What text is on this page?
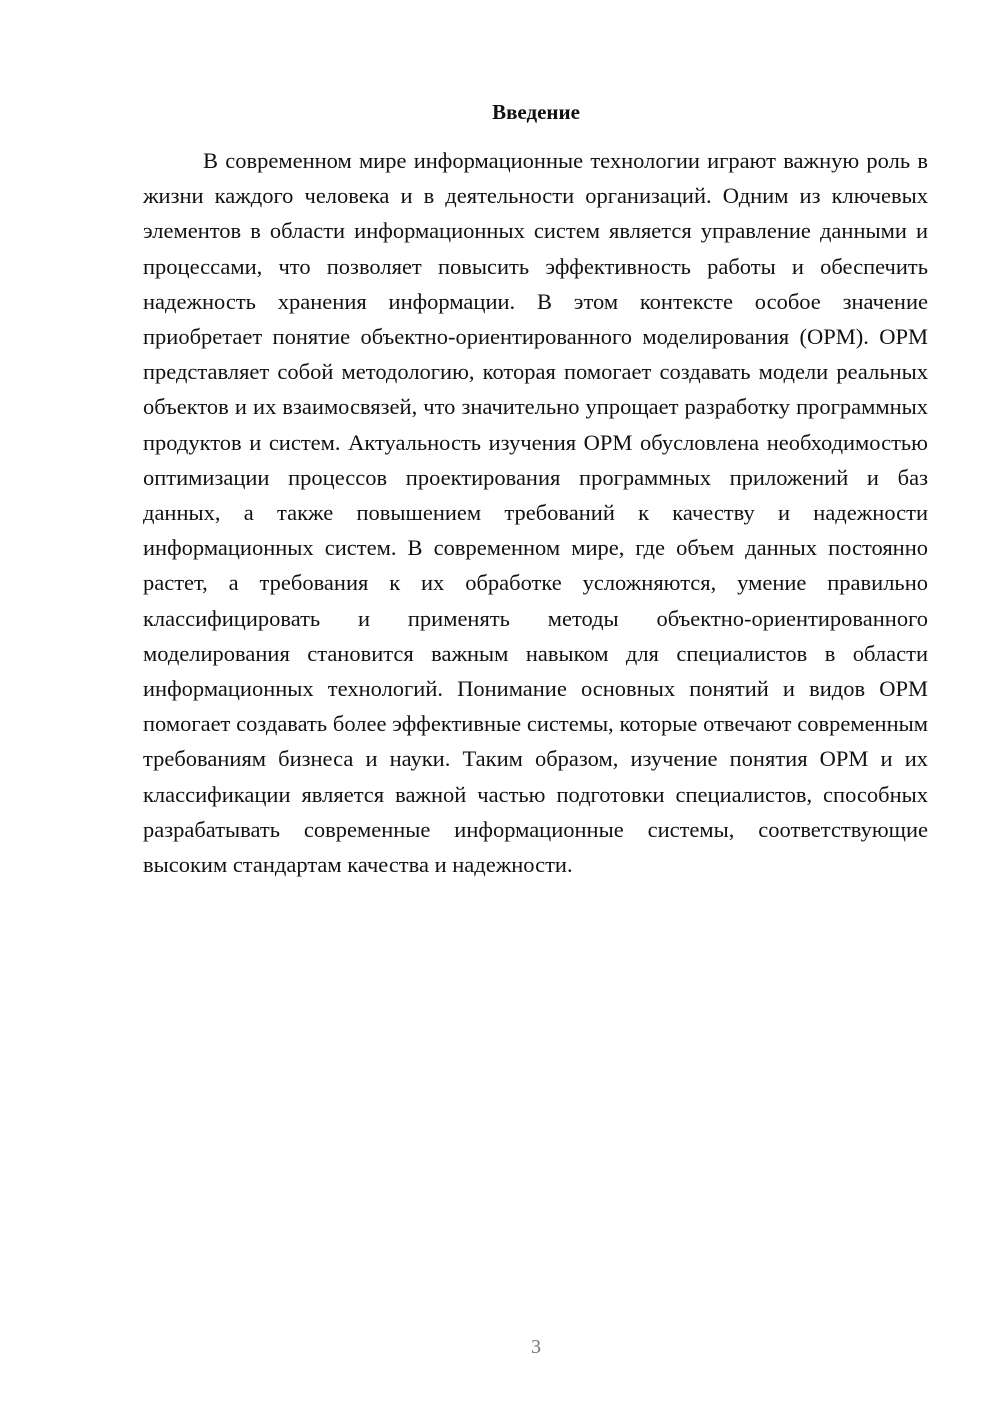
Введение

В современном мире информационные технологии играют важную роль в жизни каждого человека и в деятельности организаций. Одним из ключевых элементов в области информационных систем является управление данными и процессами, что позволяет повысить эффективность работы и обеспечить надежность хранения информации. В этом контексте особое значение приобретает понятие объектно-ориентированного моделирования (ОРМ). ОРМ представляет собой методологию, которая помогает создавать модели реальных объектов и их взаимосвязей, что значительно упрощает разработку программных продуктов и систем. Актуальность изучения ОРМ обусловлена необходимостью оптимизации процессов проектирования программных приложений и баз данных, а также повышением требований к качеству и надежности информационных систем. В современном мире, где объем данных постоянно растет, а требования к их обработке усложняются, умение правильно классифицировать и применять методы объектно-ориентированного моделирования становится важным навыком для специалистов в области информационных технологий. Понимание основных понятий и видов ОРМ помогает создавать более эффективные системы, которые отвечают современным требованиям бизнеса и науки. Таким образом, изучение понятия ОРМ и их классификации является важной частью подготовки специалистов, способных разрабатывать современные информационные системы, соответствующие высоким стандартам качества и надежности.

3
